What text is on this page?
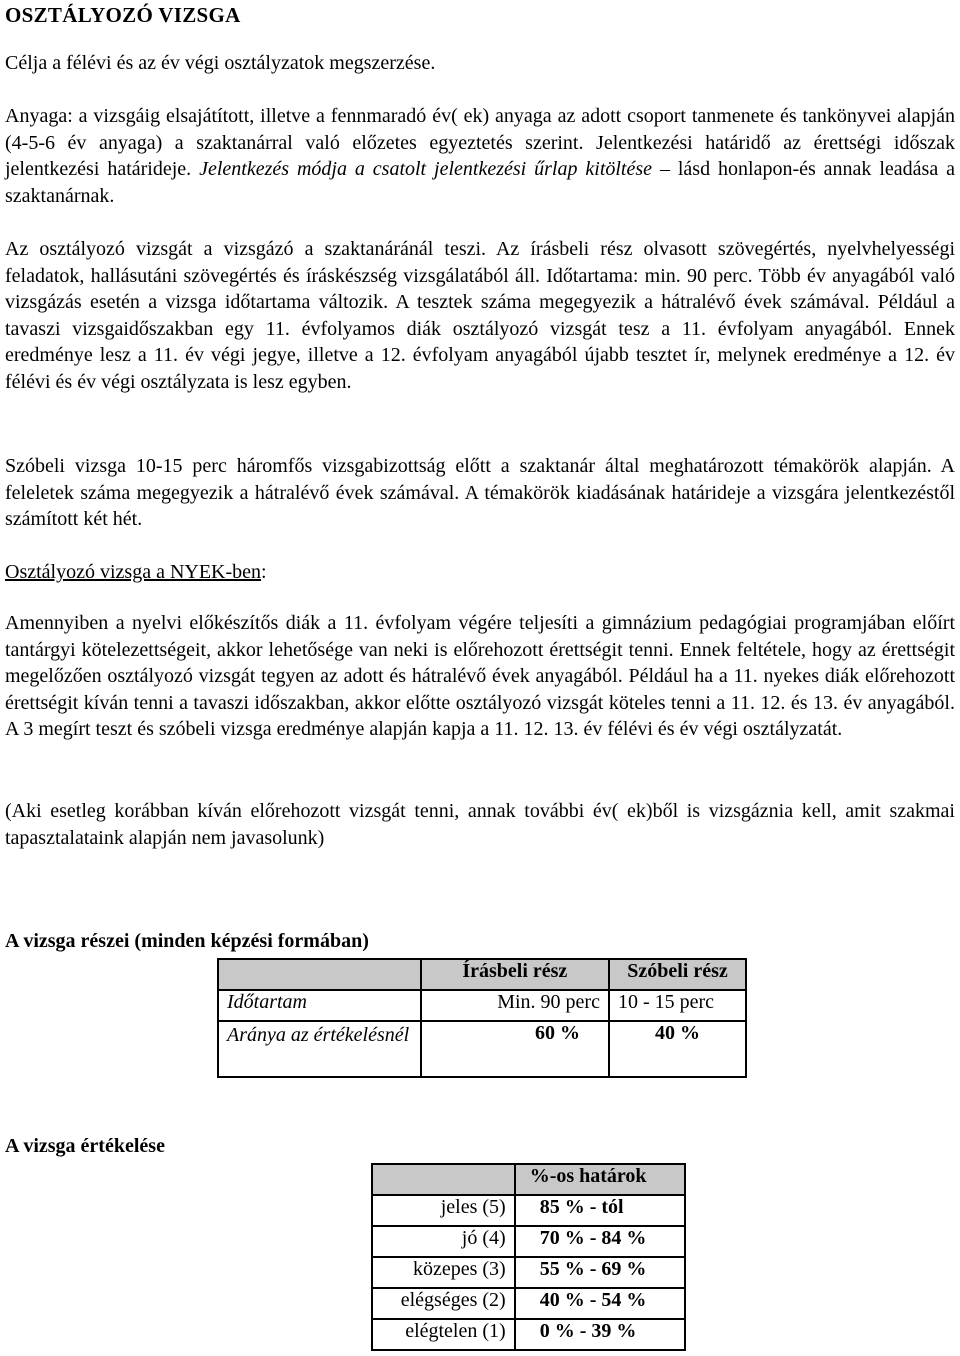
OSZTÁLYOZÓ VIZSGA
Célja a félévi és az év végi osztályzatok megszerzése.
Anyaga: a vizsgáig elsajátított, illetve a fennmaradó év( ek) anyaga az adott csoport tanmenete és tankönyvei alapján (4-5-6 év anyaga) a szaktanárral való előzetes egyeztetés szerint. Jelentkezési határidő az érettségi időszak jelentkezési határideje. Jelentkezés módja a csatolt jelentkezési űrlap kitöltése – lásd honlapon-és annak leadása a szaktanárnak.
Az osztályozó vizsgát a vizsgázó a szaktanáránál teszi. Az írásbeli rész olvasott szövegértés, nyelvhelyességi feladatok, hallásutáni szövegértés és íráskészség vizsgálatából áll. Időtartama: min. 90 perc. Több év anyagából való vizsgázás esetén a vizsga időtartama változik. A tesztek száma megegyezik a hátralévő évek számával. Például a tavaszi vizsgaidőszakban egy 11. évfolyamos diák osztályozó vizsgát tesz a 11. évfolyam anyagából. Ennek eredménye lesz a 11. év végi jegye, illetve a 12. évfolyam anyagából újabb tesztet ír, melynek eredménye a 12. év félévi és év végi osztályzata is lesz egyben.
Szóbeli vizsga 10-15 perc háromfős vizsgabizottság előtt a szaktanár által meghatározott témakörök alapján. A feleletek száma megegyezik a hátralévő évek számával. A témakörök kiadásának határideje a vizsgára jelentkezéstől számított két hét.
Osztályozó vizsga a NYEK-ben:
Amennyiben a nyelvi előkészítős diák a 11. évfolyam végére teljesíti a gimnázium pedagógiai programjában előírt tantárgyi kötelezettségeit, akkor lehetősége van neki is előrehozott érettségit tenni. Ennek feltétele, hogy az érettségit megelőzően osztályozó vizsgát tegyen az adott és hátralévő évek anyagából. Például ha a 11. nyekes diák előrehozott érettségit kíván tenni a tavaszi időszakban, akkor előtte osztályozó vizsgát köteles tenni a 11. 12. és 13. év anyagából. A 3 megírt teszt és szóbeli vizsga eredménye alapján kapja a 11. 12. 13. év félévi és év végi osztályzatát.
(Aki esetleg korábban kíván előrehozott vizsgát tenni, annak további év( ek)ből is vizsgáznia kell, amit szakmai tapasztalataink alapján nem javasolunk)
A vizsga részei (minden képzési formában)
A vizsga értékelése
	Írásbeli rész	Szóbeli rész
Időtartam	Min. 90 perc	10 - 15 perc
Aránya az értékelésnél	60 %	40 %
	%-os határok
jeles (5)	85 % - tól
jó (4)	70 % - 84 %
közepes (3)	55 % - 69 %
elégséges (2)	40 % - 54 %
elégtelen (1)	0 % - 39 %
